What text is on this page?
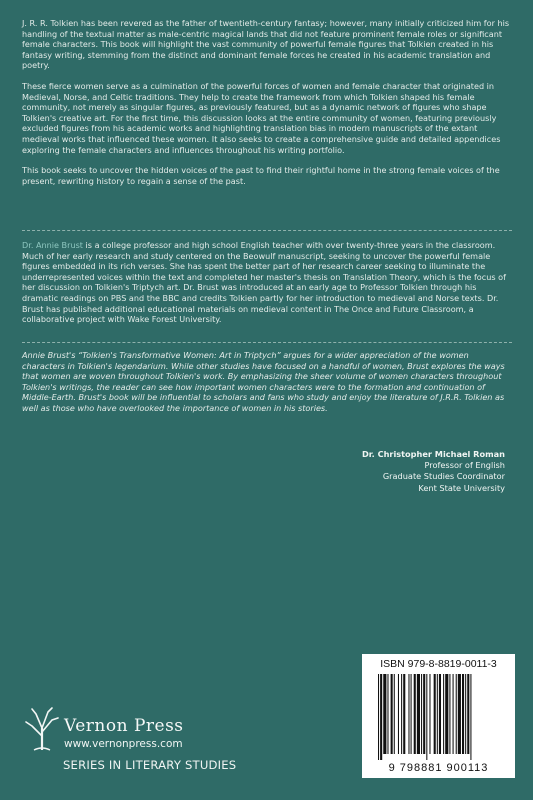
J. R. R. Tolkien has been revered as the father of twentieth-century fantasy; however, many initially criticized him for his handling of the textual matter as male-centric magical lands that did not feature prominent female roles or significant female characters. This book will highlight the vast community of powerful female figures that Tolkien created in his fantasy writing, stemming from the distinct and dominant female forces he created in his academic translation and poetry.

These fierce women serve as a culmination of the powerful forces of women and female character that originated in Medieval, Norse, and Celtic traditions. They help to create the framework from which Tolkien shaped his female community, not merely as singular figures, as previously featured, but as a dynamic network of figures who shape Tolkien's creative art. For the first time, this discussion looks at the entire community of women, featuring previously excluded figures from his academic works and highlighting translation bias in modern manuscripts of the extant medieval works that influenced these women. It also seeks to create a comprehensive guide and detailed appendices exploring the female characters and influences throughout his writing portfolio.

This book seeks to uncover the hidden voices of the past to find their rightful home in the strong female voices of the present, rewriting history to regain a sense of the past.

Dr. Annie Brust is a college professor and high school English teacher with over twenty-three years in the classroom. Much of her early research and study centered on the Beowulf manuscript, seeking to uncover the powerful female figures embedded in its rich verses. She has spent the better part of her research career seeking to illuminate the underrepresented voices within the text and completed her master's thesis on Translation Theory, which is the focus of her discussion on Tolkien's Triptych art. Dr. Brust was introduced at an early age to Professor Tolkien through his dramatic readings on PBS and the BBC and credits Tolkien partly for her introduction to medieval and Norse texts. Dr. Brust has published additional educational materials on medieval content in The Once and Future Classroom, a collaborative project with Wake Forest University.
Annie Brust's “Tolkien's Transformative Women: Art in Triptych” argues for a wider appreciation of the women characters in Tolkien's legendarium. While other studies have focused on a handful of women, Brust explores the ways that women are woven throughout Tolkien's work. By emphasizing the sheer volume of women characters throughout Tolkien's writings, the reader can see how important women characters were to the formation and continuation of Middle-Earth. Brust's book will be influential to scholars and fans who study and enjoy the literature of J.R.R. Tolkien as well as those who have overlooked the importance of women in his stories.
Dr. Christopher Michael Roman
Professor of English
Graduate Studies Coordinator
Kent State University
Vernon Press
www.vernonpress.com
SERIES IN LITERARY STUDIES
ISBN 979-8-8819-0011-3
9 798881 900113
